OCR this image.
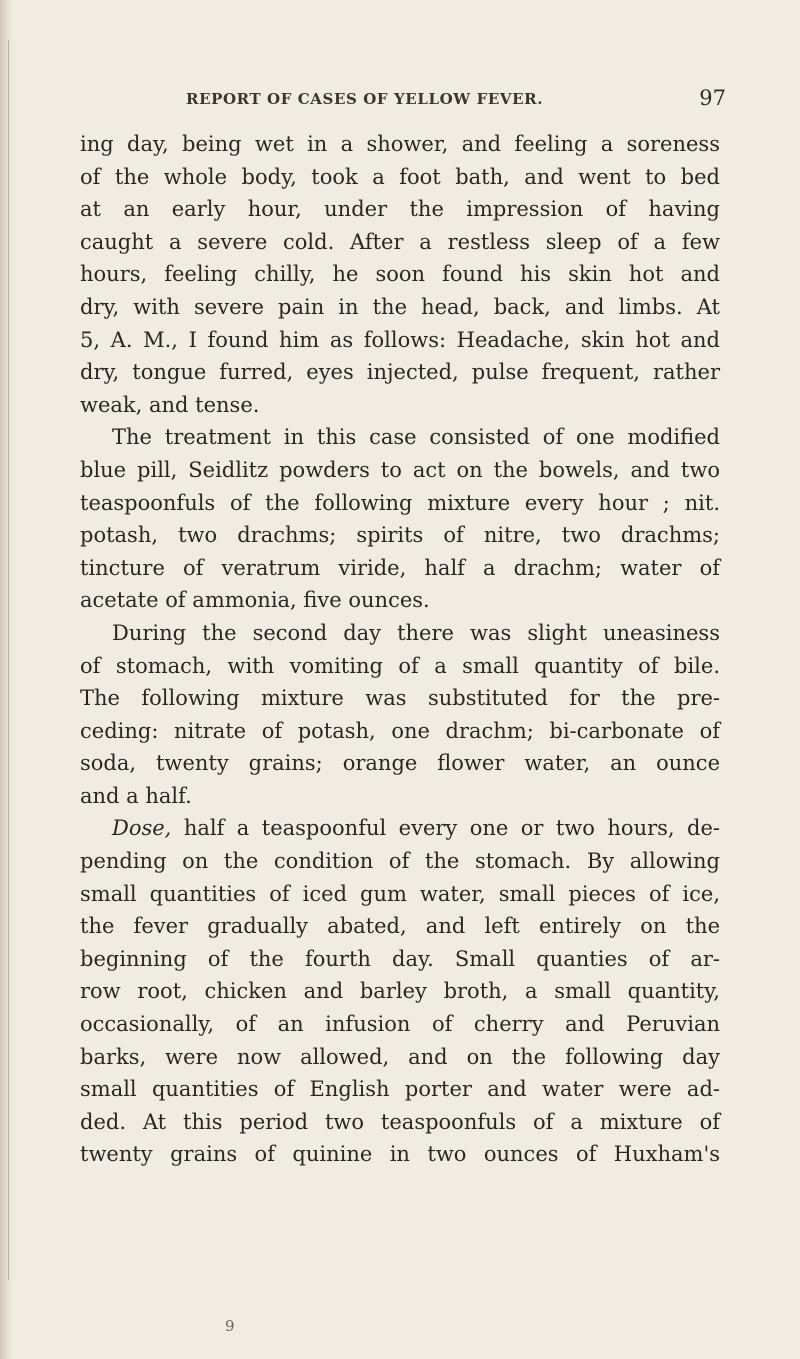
REPORT OF CASES OF YELLOW FEVER.	97
ing day, being wet in a shower, and feeling a soreness
of the whole body, took a foot bath, and went to bed
at an early hour, under the impression of having
caught a severe cold. After a restless sleep of a few
hours, feeling chilly, he soon found his skin hot and
dry, with severe pain in the head, back, and limbs. At
5, A. M., I found him as follows: Headache, skin hot and
dry, tongue furred, eyes injected, pulse frequent, rather
weak, and tense.
The treatment in this case consisted of one modified
blue pill, Seidlitz powders to act on the bowels, and two
teaspoonfuls of the following mixture every hour ; nit.
potash, two drachms; spirits of nitre, two drachms;
tincture of veratrum viride, half a drachm; water of
acetate of ammonia, five ounces.
During the second day there was slight uneasiness
of stomach, with vomiting of a small quantity of bile.
The following mixture was substituted for the pre-
ceding: nitrate of potash, one drachm; bi-carbonate of
soda, twenty grains; orange flower water, an ounce
and a half.
Dose, half a teaspoonful every one or two hours, de-
pending on the condition of the stomach. By allowing
small quantities of iced gum water, small pieces of ice,
the fever gradually abated, and left entirely on the
beginning of the fourth day. Small quanties of ar-
row root, chicken and barley broth, a small quantity,
occasionally, of an infusion of cherry and Peruvian
barks, were now allowed, and on the following day
small quantities of English porter and water were ad-
ded. At this period two teaspoonfuls of a mixture of
twenty grains of quinine in two ounces of Huxham's
9
